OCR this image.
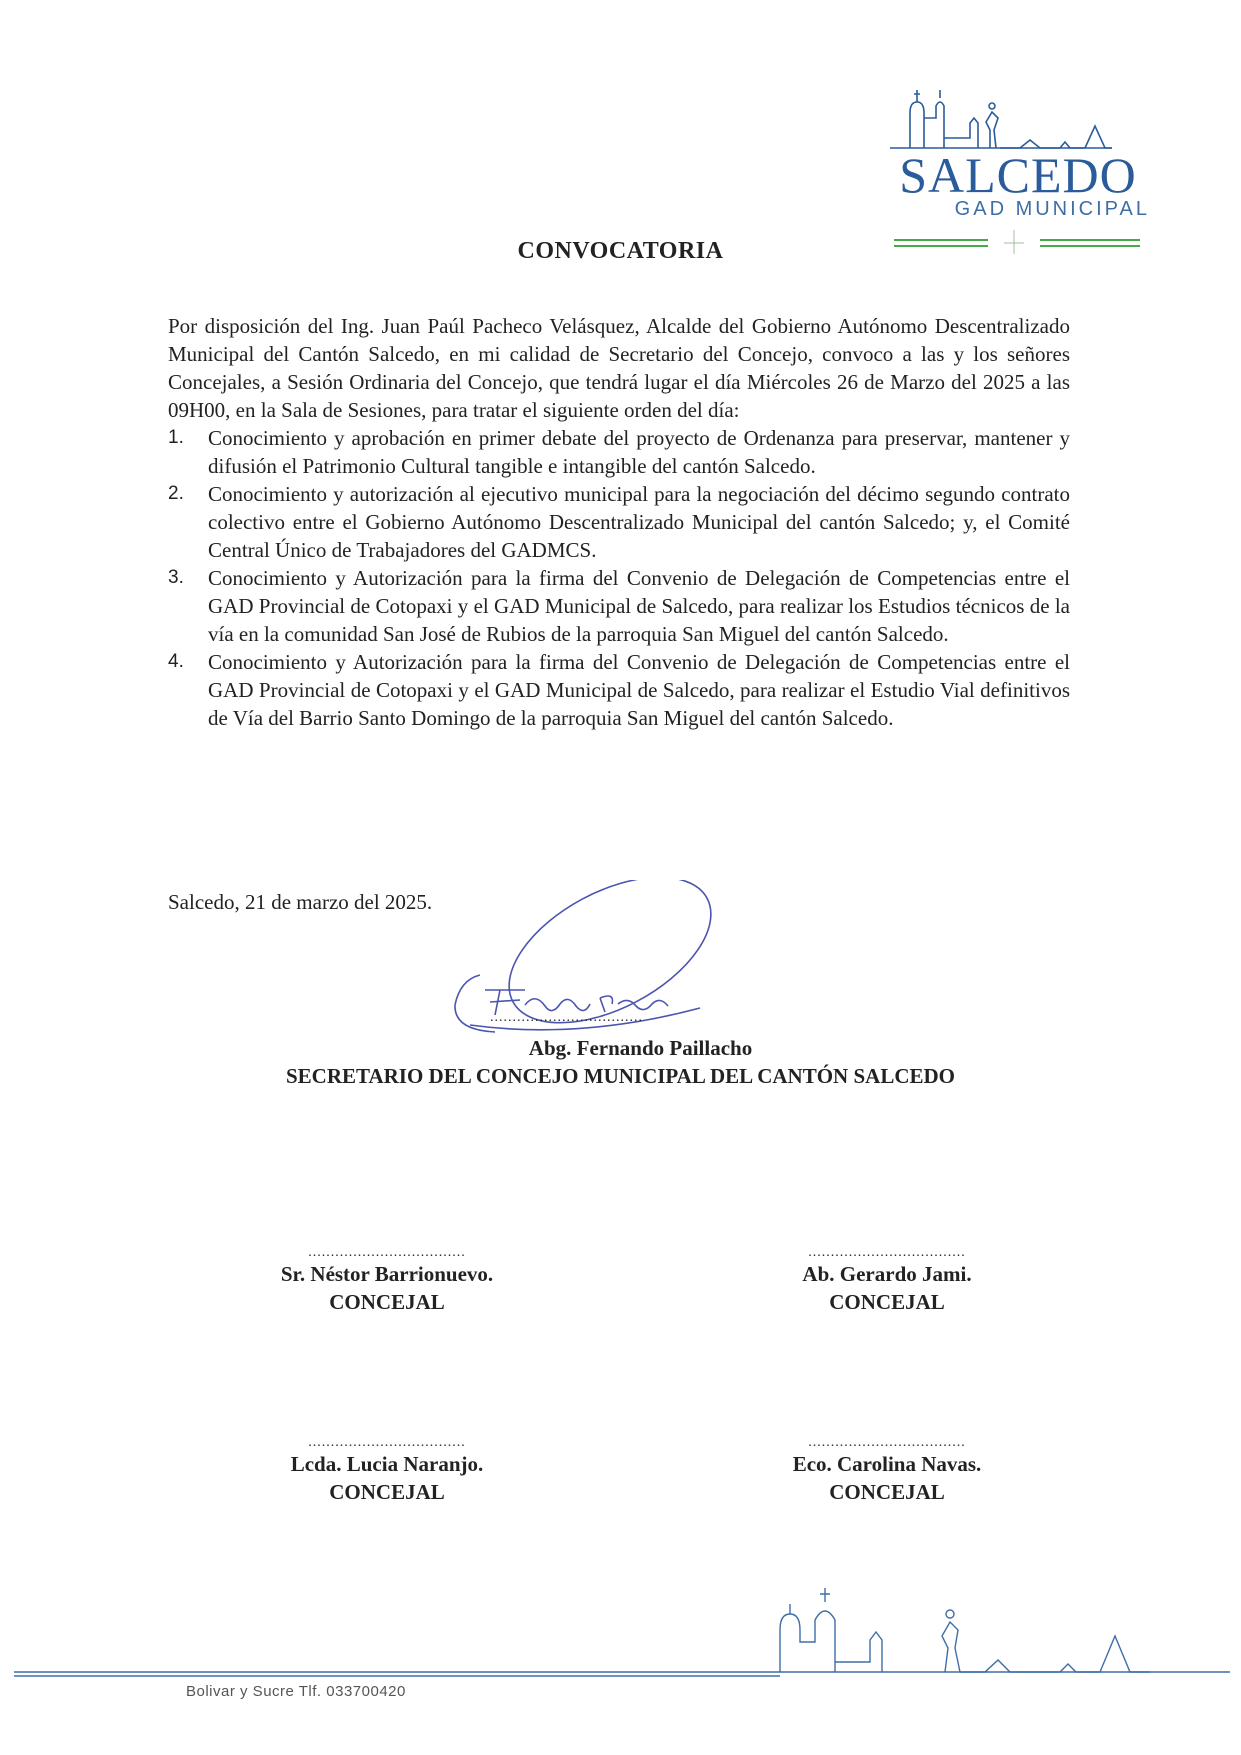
SALCEDO
GAD MUNICIPAL
CONVOCATORIA

Por disposición del Ing. Juan Paúl Pacheco Velásquez, Alcalde del Gobierno Autónomo Descentralizado Municipal del Cantón Salcedo, en mi calidad de Secretario del Concejo, convoco a las y los señores Concejales, a Sesión Ordinaria del Concejo, que tendrá lugar el día Miércoles 26 de Marzo del 2025 a las 09H00, en la Sala de Sesiones, para tratar el siguiente orden del día:

1. Conocimiento y aprobación en primer debate del proyecto de Ordenanza para preservar, mantener y difusión el Patrimonio Cultural tangible e intangible del cantón Salcedo.
2. Conocimiento y autorización al ejecutivo municipal para la negociación del décimo segundo contrato colectivo entre el Gobierno Autónomo Descentralizado Municipal del cantón Salcedo; y, el Comité Central Único de Trabajadores del GADMCS.
3. Conocimiento y Autorización para la firma del Convenio de Delegación de Competencias entre el GAD Provincial de Cotopaxi y el GAD Municipal de Salcedo, para realizar los Estudios técnicos de la vía en la comunidad San José de Rubios de la parroquia San Miguel del cantón Salcedo.
4. Conocimiento y Autorización para la firma del Convenio de Delegación de Competencias entre el GAD Provincial de Cotopaxi y el GAD Municipal de Salcedo, para realizar el Estudio Vial definitivos de Vía del Barrio Santo Domingo de la parroquia San Miguel del cantón Salcedo.
Salcedo, 21 de marzo del 2025.
..................................
Abg. Fernando Paillacho
SECRETARIO DEL CONCEJO MUNICIPAL DEL CANTÓN SALCEDO
...................................
Sr. Néstor Barrionuevo.
CONCEJAL
...................................
Ab. Gerardo Jami.
CONCEJAL
...................................
Lcda. Lucia Naranjo.
CONCEJAL
...................................
Eco. Carolina Navas.
CONCEJAL
Bolivar y Sucre Tlf. 033700420
